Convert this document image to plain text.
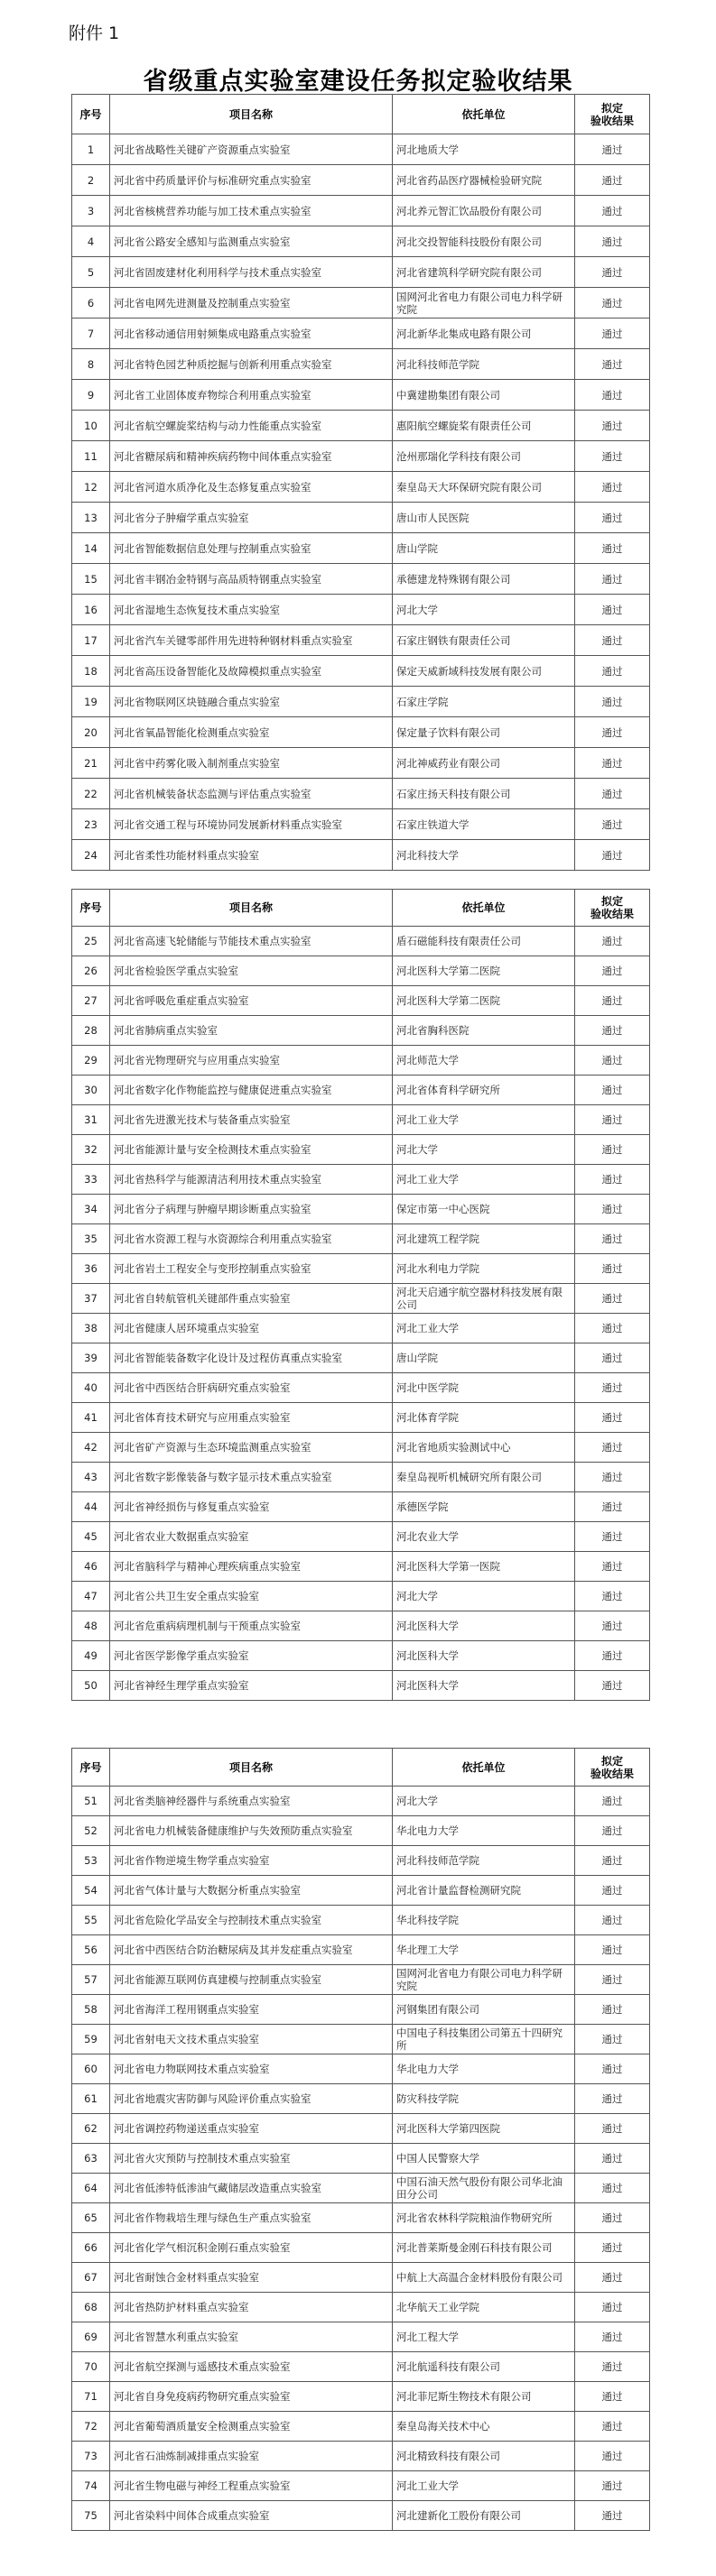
附件 1
省级重点实验室建设任务拟定验收结果
序号	项目名称	依托单位	拟定
验收结果
1	河北省战略性关键矿产资源重点实验室	河北地质大学	通过
2	河北省中药质量评价与标准研究重点实验室	河北省药品医疗器械检验研究院	通过
3	河北省核桃营养功能与加工技术重点实验室	河北养元智汇饮品股份有限公司	通过
4	河北省公路安全感知与监测重点实验室	河北交投智能科技股份有限公司	通过
5	河北省固废建材化利用科学与技术重点实验室	河北省建筑科学研究院有限公司	通过
6	河北省电网先进测量及控制重点实验室	国网河北省电力有限公司电力科学研究院	通过
7	河北省移动通信用射频集成电路重点实验室	河北新华北集成电路有限公司	通过
8	河北省特色园艺种质挖掘与创新利用重点实验室	河北科技师范学院	通过
9	河北省工业固体废弃物综合利用重点实验室	中冀建勘集团有限公司	通过
10	河北省航空螺旋桨结构与动力性能重点实验室	惠阳航空螺旋桨有限责任公司	通过
11	河北省糖尿病和精神疾病药物中间体重点实验室	沧州那瑞化学科技有限公司	通过
12	河北省河道水质净化及生态修复重点实验室	秦皇岛天大环保研究院有限公司	通过
13	河北省分子肿瘤学重点实验室	唐山市人民医院	通过
14	河北省智能数据信息处理与控制重点实验室	唐山学院	通过
15	河北省丰钢冶金特钢与高品质特钢重点实验室	承德建龙特殊钢有限公司	通过
16	河北省湿地生态恢复技术重点实验室	河北大学	通过
17	河北省汽车关键零部件用先进特种钢材料重点实验室	石家庄钢铁有限责任公司	通过
18	河北省高压设备智能化及故障模拟重点实验室	保定天威新域科技发展有限公司	通过
19	河北省物联网区块链融合重点实验室	石家庄学院	通过
20	河北省氧晶智能化检测重点实验室	保定量子饮料有限公司	通过
21	河北省中药雾化吸入制剂重点实验室	河北神威药业有限公司	通过
22	河北省机械装备状态监测与评估重点实验室	石家庄扬天科技有限公司	通过
23	河北省交通工程与环境协同发展新材料重点实验室	石家庄铁道大学	通过
24	河北省柔性功能材料重点实验室	河北科技大学	通过
序号	项目名称	依托单位	拟定
验收结果
25	河北省高速飞轮储能与节能技术重点实验室	盾石磁能科技有限责任公司	通过
26	河北省检验医学重点实验室	河北医科大学第二医院	通过
27	河北省呼吸危重症重点实验室	河北医科大学第二医院	通过
28	河北省肺病重点实验室	河北省胸科医院	通过
29	河北省光物理研究与应用重点实验室	河北师范大学	通过
30	河北省数字化作物能监控与健康促进重点实验室	河北省体育科学研究所	通过
31	河北省先进激光技术与装备重点实验室	河北工业大学	通过
32	河北省能源计量与安全检测技术重点实验室	河北大学	通过
33	河北省热科学与能源清洁利用技术重点实验室	河北工业大学	通过
34	河北省分子病理与肿瘤早期诊断重点实验室	保定市第一中心医院	通过
35	河北省水资源工程与水资源综合利用重点实验室	河北建筑工程学院	通过
36	河北省岩土工程安全与变形控制重点实验室	河北水利电力学院	通过
37	河北省自转航管机关键部件重点实验室	河北天启通宇航空器材科技发展有限公司	通过
38	河北省健康人居环境重点实验室	河北工业大学	通过
39	河北省智能装备数字化设计及过程仿真重点实验室	唐山学院	通过
40	河北省中西医结合肝病研究重点实验室	河北中医学院	通过
41	河北省体育技术研究与应用重点实验室	河北体育学院	通过
42	河北省矿产资源与生态环境监测重点实验室	河北省地质实验测试中心	通过
43	河北省数字影像装备与数字显示技术重点实验室	秦皇岛视听机械研究所有限公司	通过
44	河北省神经损伤与修复重点实验室	承德医学院	通过
45	河北省农业大数据重点实验室	河北农业大学	通过
46	河北省脑科学与精神心理疾病重点实验室	河北医科大学第一医院	通过
47	河北省公共卫生安全重点实验室	河北大学	通过
48	河北省危重病病理机制与干预重点实验室	河北医科大学	通过
49	河北省医学影像学重点实验室	河北医科大学	通过
50	河北省神经生理学重点实验室	河北医科大学	通过
序号	项目名称	依托单位	拟定
验收结果
51	河北省类脑神经器件与系统重点实验室	河北大学	通过
52	河北省电力机械装备健康维护与失效预防重点实验室	华北电力大学	通过
53	河北省作物逆境生物学重点实验室	河北科技师范学院	通过
54	河北省气体计量与大数据分析重点实验室	河北省计量监督检测研究院	通过
55	河北省危险化学品安全与控制技术重点实验室	华北科技学院	通过
56	河北省中西医结合防治糖尿病及其并发症重点实验室	华北理工大学	通过
57	河北省能源互联网仿真建模与控制重点实验室	国网河北省电力有限公司电力科学研究院	通过
58	河北省海洋工程用钢重点实验室	河钢集团有限公司	通过
59	河北省射电天文技术重点实验室	中国电子科技集团公司第五十四研究所	通过
60	河北省电力物联网技术重点实验室	华北电力大学	通过
61	河北省地震灾害防御与风险评价重点实验室	防灾科技学院	通过
62	河北省调控药物递送重点实验室	河北医科大学第四医院	通过
63	河北省火灾预防与控制技术重点实验室	中国人民警察大学	通过
64	河北省低渗特低渗油气藏储层改造重点实验室	中国石油天然气股份有限公司华北油田分公司	通过
65	河北省作物栽培生理与绿色生产重点实验室	河北省农林科学院粮油作物研究所	通过
66	河北省化学气相沉积金刚石重点实验室	河北普莱斯曼金刚石科技有限公司	通过
67	河北省耐蚀合金材料重点实验室	中航上大高温合金材料股份有限公司	通过
68	河北省热防护材料重点实验室	北华航天工业学院	通过
69	河北省智慧水利重点实验室	河北工程大学	通过
70	河北省航空探测与遥感技术重点实验室	河北航遥科技有限公司	通过
71	河北省自身免疫病药物研究重点实验室	河北菲尼斯生物技术有限公司	通过
72	河北省葡萄酒质量安全检测重点实验室	秦皇岛海关技术中心	通过
73	河北省石油炼制减排重点实验室	河北精致科技有限公司	通过
74	河北省生物电磁与神经工程重点实验室	河北工业大学	通过
75	河北省染料中间体合成重点实验室	河北建新化工股份有限公司	通过
